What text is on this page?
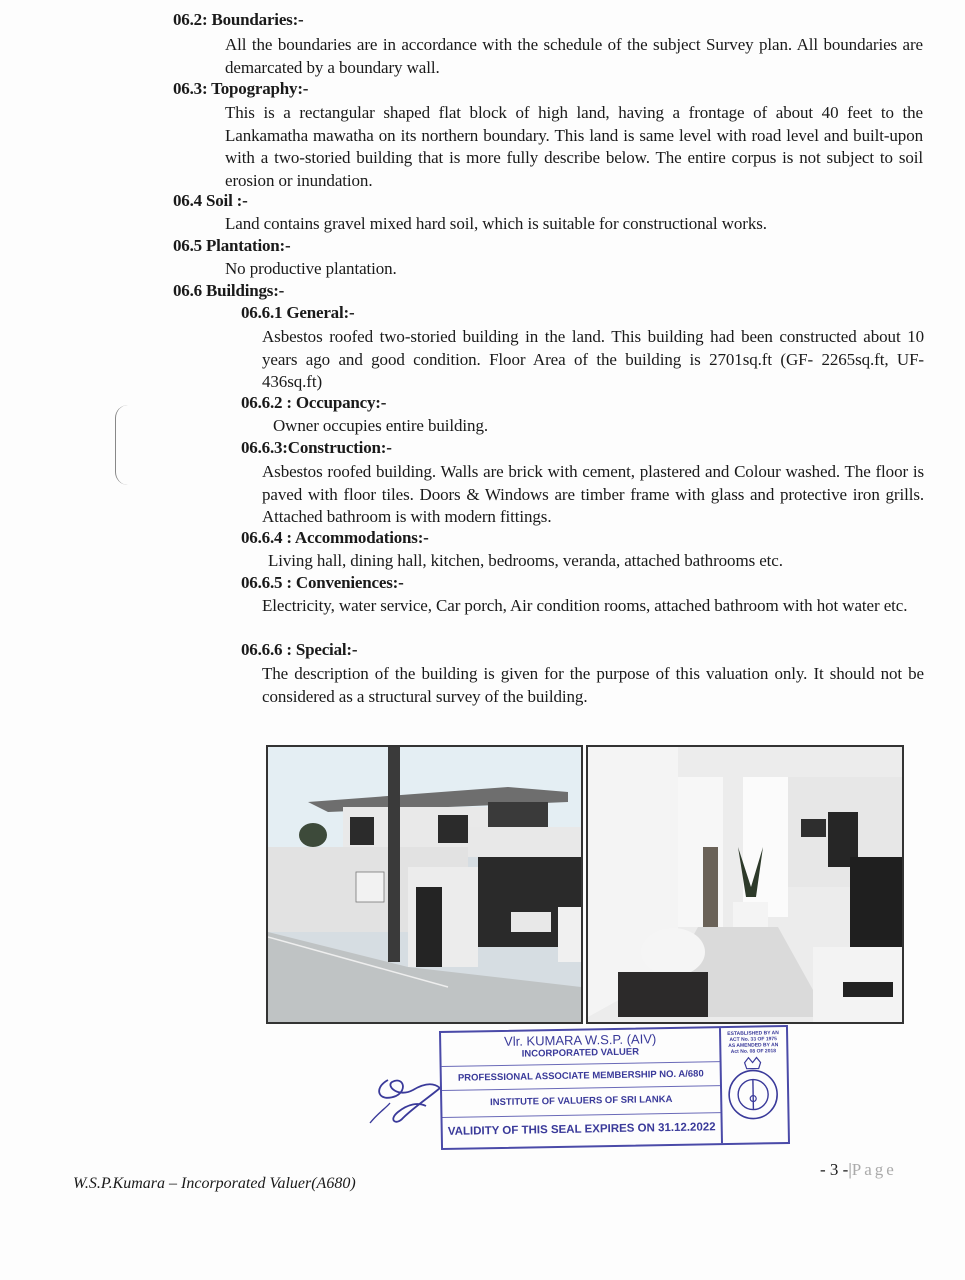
06.2: Boundaries:-
All the boundaries are in accordance with the schedule of the subject Survey plan. All boundaries are demarcated by a boundary wall.
06.3: Topography:-
This is a rectangular shaped flat block of high land, having a frontage of about 40 feet to the Lankamatha mawatha on its northern boundary. This land is same level with road level and built-upon with a two-storied building that is more fully describe below. The entire corpus is not subject to soil erosion or inundation.
06.4 Soil :-
Land contains gravel mixed hard soil, which is suitable for constructional works.
06.5 Plantation:-
No productive plantation.
06.6 Buildings:-
06.6.1 General:-
Asbestos roofed two-storied building in the land. This building had been constructed about 10 years ago and good condition. Floor Area of the building is 2701sq.ft (GF- 2265sq.ft, UF- 436sq.ft)
06.6.2 : Occupancy:-
Owner occupies entire building.
06.6.3:Construction:-
Asbestos roofed building. Walls are brick with cement, plastered and Colour washed. The floor is paved with floor tiles. Doors & Windows are timber frame with glass and protective iron grills. Attached bathroom is with modern fittings.
06.6.4 : Accommodations:-
Living hall, dining hall, kitchen, bedrooms, veranda, attached bathrooms etc.
06.6.5 : Conveniences:-
Electricity, water service, Car porch, Air condition rooms, attached bathroom with hot water etc.
06.6.6 : Special:-
The description of the building is given for the purpose of this valuation only. It should not be considered as a structural survey of the building.
Vlr. KUMARA W.S.P. (AIV)
INCORPORATED VALUER
PROFESSIONAL ASSOCIATE MEMBERSHIP NO. A/680
INSTITUTE OF VALUERS OF SRI LANKA
VALIDITY OF THIS SEAL EXPIRES ON 31.12.2022
ESTABLISHED BY AN
ACT No. 33 OF 1975
AS AMENDED BY AN
Act No. 08 OF 2018
W.S.P.Kumara – Incorporated Valuer(A680)
- 3 -|Page
